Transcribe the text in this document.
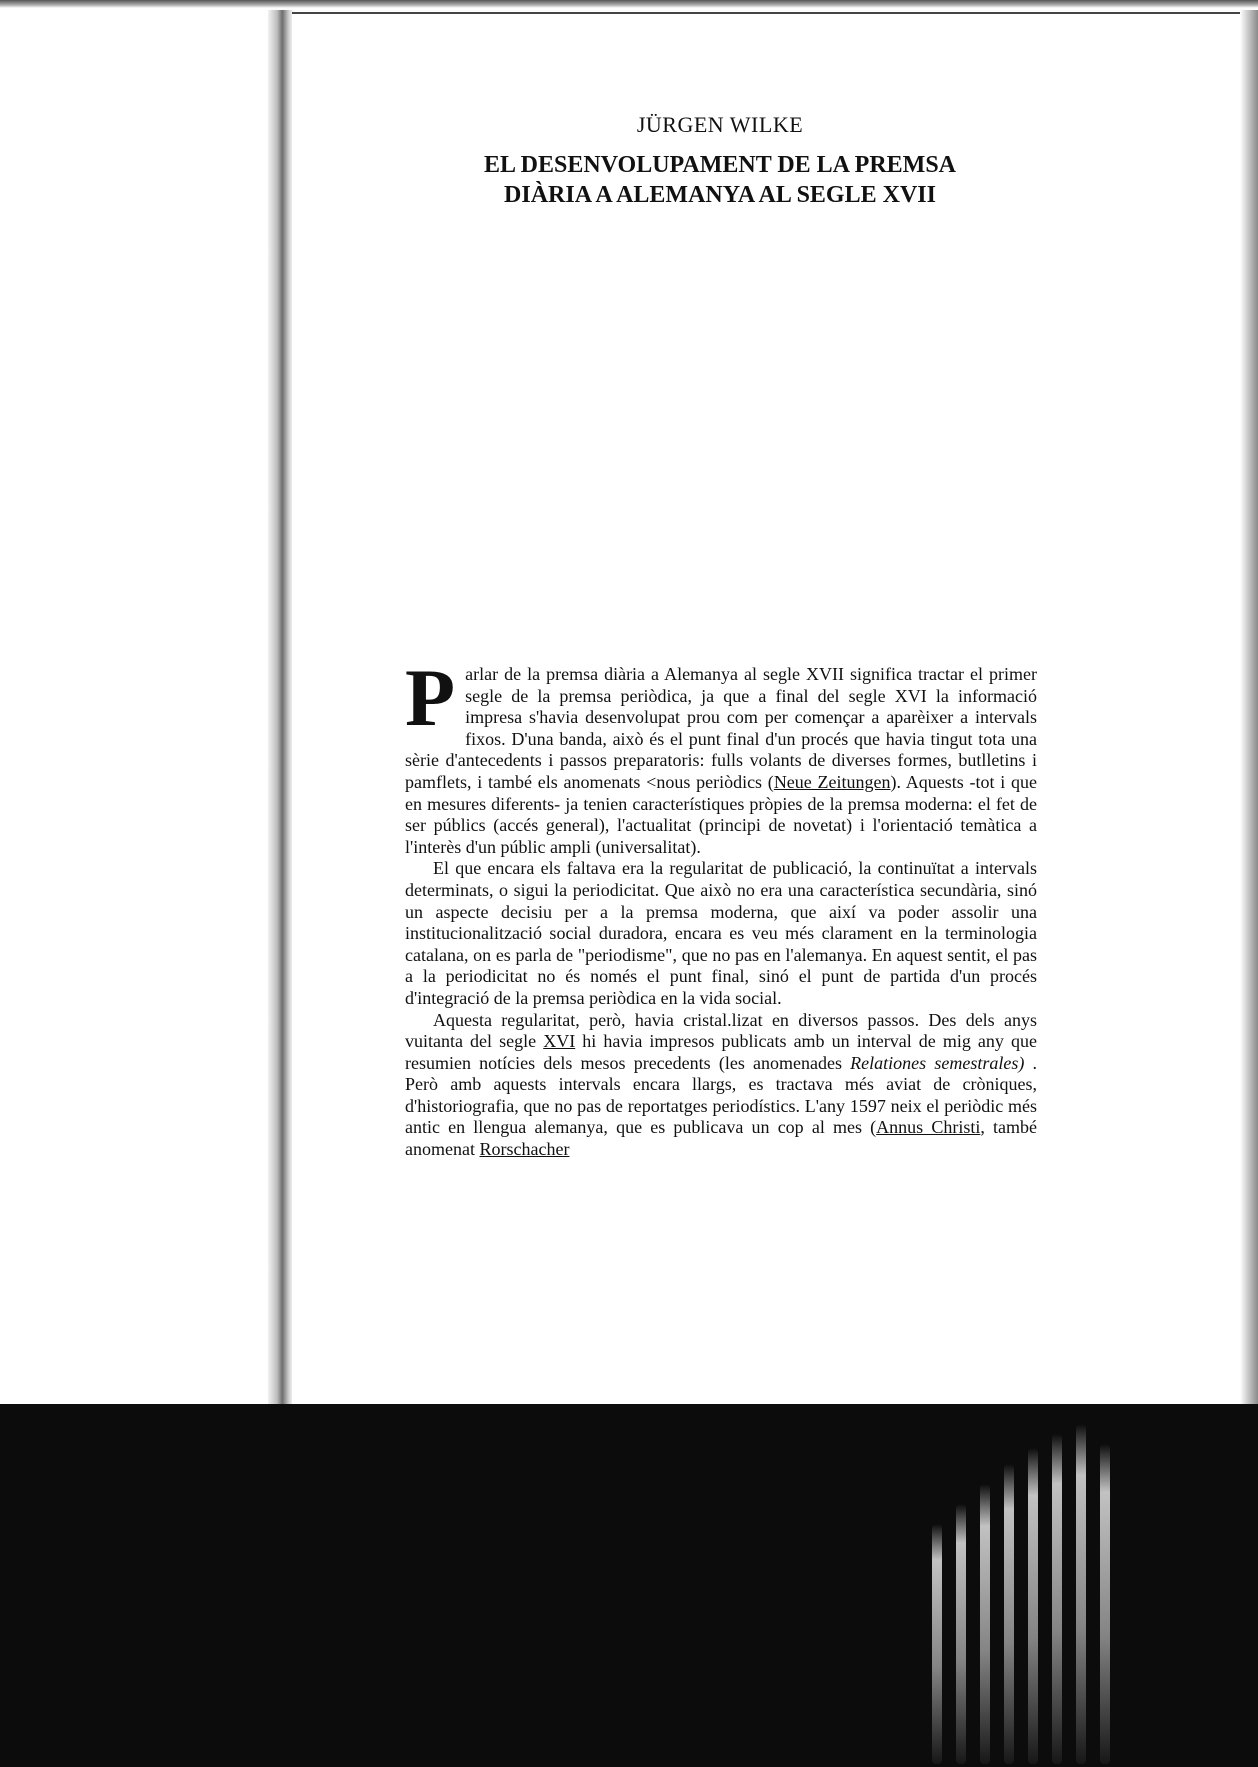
JÜRGEN WILKE
EL DESENVOLUPAMENT DE LA PREMSA
DIÀRIA A ALEMANYA AL SEGLE XVII

Parlar de la premsa diària a Alemanya al segle XVII significa tractar el primer segle de la premsa periòdica, ja que a final del segle XVI la informació impresa s'havia desenvolupat prou com per començar a aparèixer a intervals fixos. D'una banda, això és el punt final d'un procés que havia tingut tota una sèrie d'antecedents i passos preparatoris: fulls volants de diverses formes, butlletins i pamflets, i també els anomenats <nous periòdics (Neue Zeitungen). Aquests -tot i que en mesures diferents- ja tenien característiques pròpies de la premsa moderna: el fet de ser públics (accés general), l'actualitat (principi de novetat) i l'orientació temàtica a l'interès d'un públic ampli (universalitat).

El que encara els faltava era la regularitat de publicació, la continuïtat a intervals determinats, o sigui la periodicitat. Que això no era una característica secundària, sinó un aspecte decisiu per a la premsa moderna, que així va poder assolir una institucionalització social duradora, encara es veu més clarament en la terminologia catalana, on es parla de "periodisme", que no pas en l'alemanya. En aquest sentit, el pas a la periodicitat no és només el punt final, sinó el punt de partida d'un procés d'integració de la premsa periòdica en la vida social.

Aquesta regularitat, però, havia cristal.lizat en diversos passos. Des dels anys vuitanta del segle XVI hi havia impresos publicats amb un interval de mig any que resumien notícies dels mesos precedents (les anomenades Relationes semestrales) . Però amb aquests intervals encara llargs, es tractava més aviat de cròniques, d'historiografia, que no pas de reportatges periodístics. L'any 1597 neix el periòdic més antic en llengua alemanya, que es publicava un cop al mes (Annus Christi, també anomenat Rorschacher
